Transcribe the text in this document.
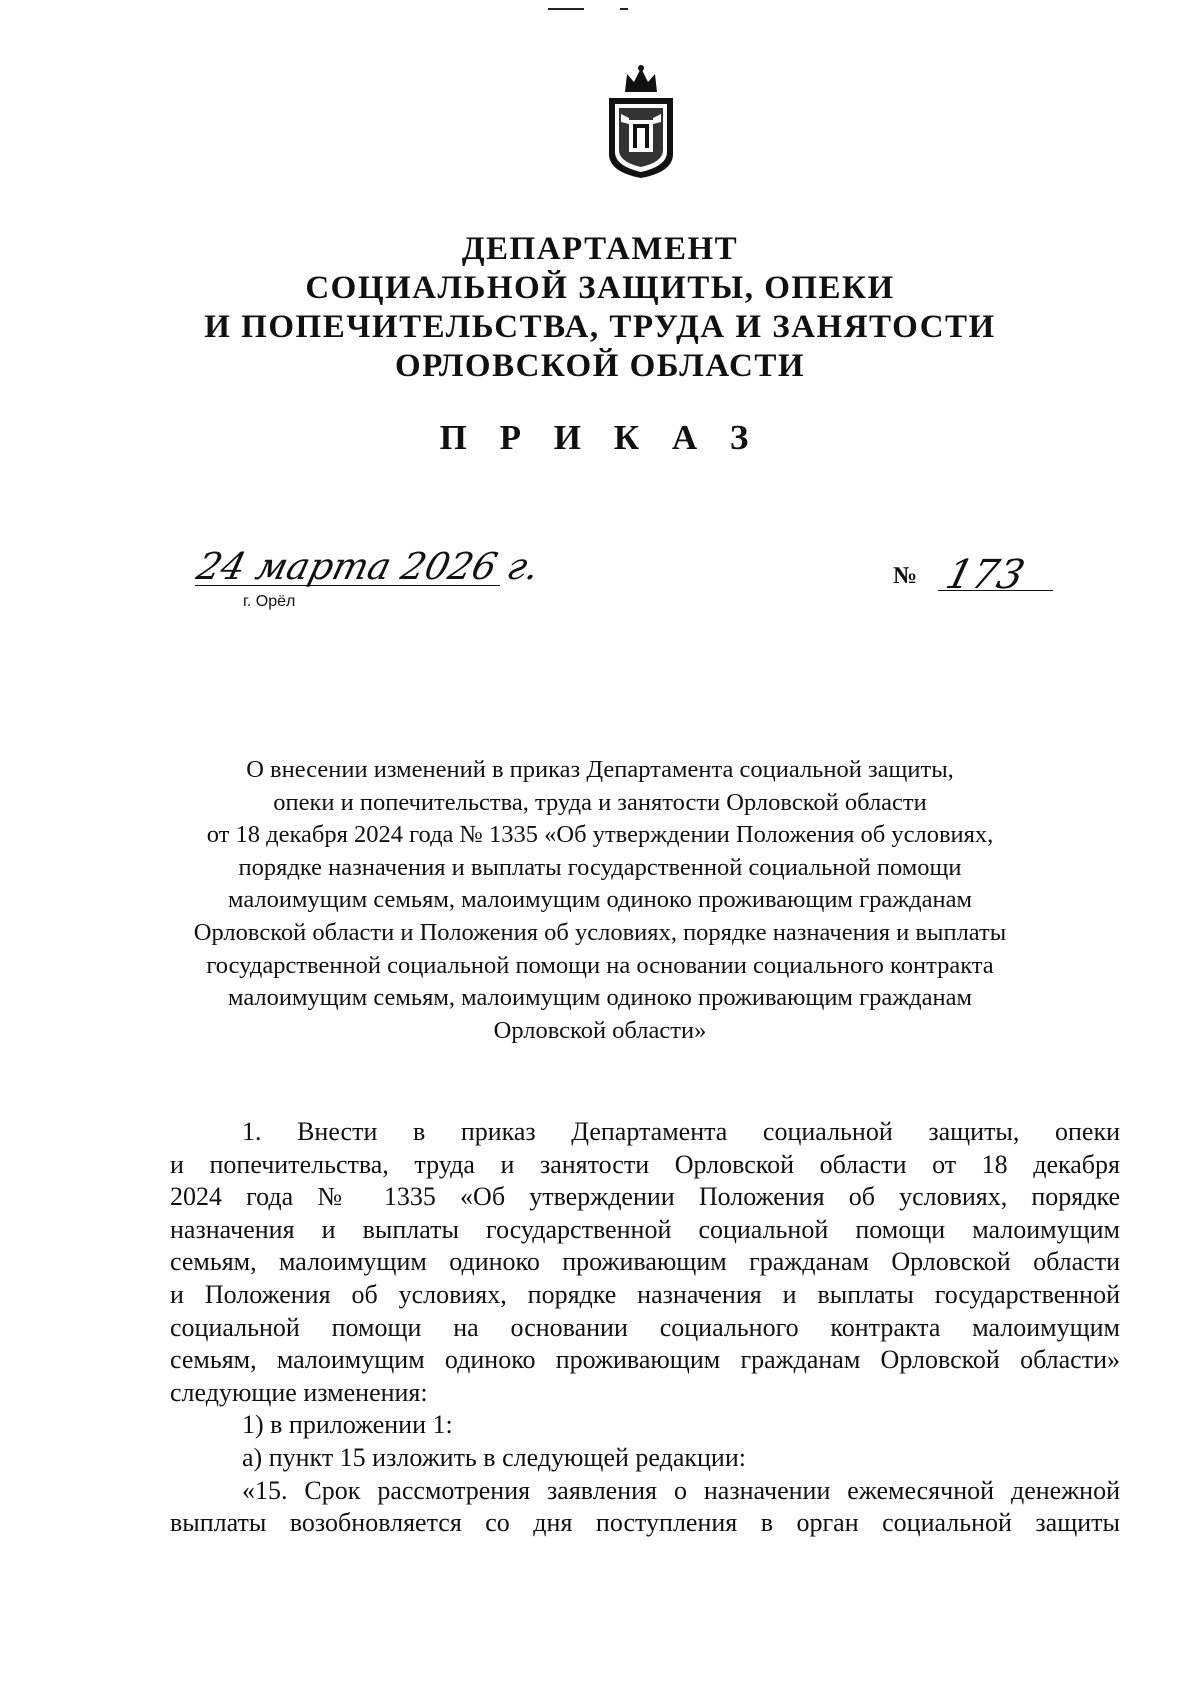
ДЕПАРТАМЕНТ
СОЦИАЛЬНОЙ ЗАЩИТЫ, ОПЕКИ
И ПОПЕЧИТЕЛЬСТВА, ТРУДА И ЗАНЯТОСТИ
ОРЛОВСКОЙ ОБЛАСТИ
П Р И К А З
24 марта 2026 г.
г. Орёл
№ 173
О внесении изменений в приказ Департамента социальной защиты,
опеки и попечительства, труда и занятости Орловской области
от 18 декабря 2024 года № 1335 «Об утверждении Положения об условиях,
порядке назначения и выплаты государственной социальной помощи
малоимущим семьям, малоимущим одиноко проживающим гражданам
Орловской области и Положения об условиях, порядке назначения и выплаты
государственной социальной помощи на основании социального контракта
малоимущим семьям, малоимущим одиноко проживающим гражданам
Орловской области»
1. Внести в приказ Департамента социальной защиты, опеки
и попечительства, труда и занятости Орловской области от 18 декабря
2024 года № 1335 «Об утверждении Положения об условиях, порядке
назначения и выплаты государственной социальной помощи малоимущим
семьям, малоимущим одиноко проживающим гражданам Орловской области
и Положения об условиях, порядке назначения и выплаты государственной
социальной помощи на основании социального контракта малоимущим
семьям, малоимущим одиноко проживающим гражданам Орловской области»
следующие изменения:
1) в приложении 1:
а) пункт 15 изложить в следующей редакции:
«15. Срок рассмотрения заявления о назначении ежемесячной денежной
выплаты возобновляется со дня поступления в орган социальной защиты
